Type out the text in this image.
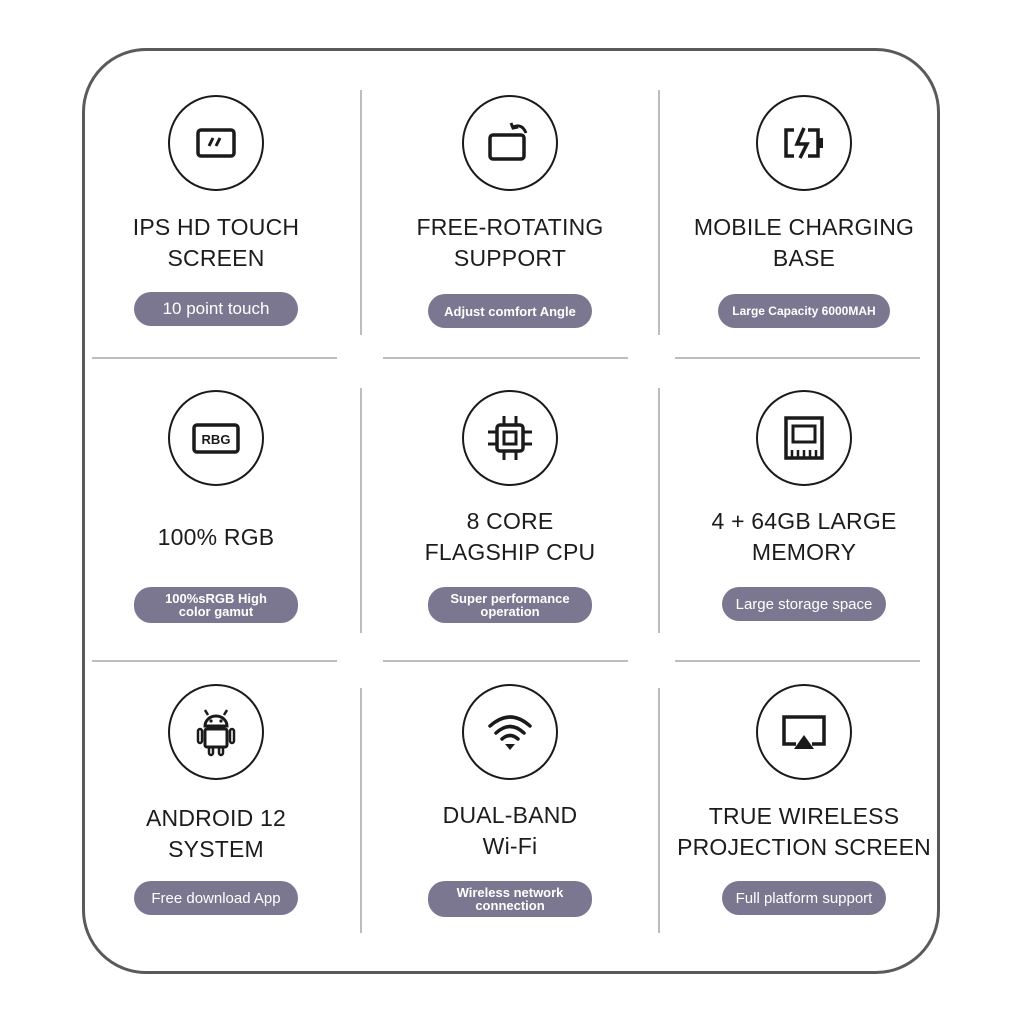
IPS HD TOUCH
SCREEN
10 point touch
FREE-ROTATING
SUPPORT
Adjust comfort Angle
MOBILE CHARGING
BASE
Large Capacity 6000MAH
RBG
100% RGB
100%sRGB High
color gamut
8 CORE
FLAGSHIP CPU
Super performance
operation
4 + 64GB LARGE
MEMORY
Large storage space
ANDROID 12
SYSTEM
Free download App
DUAL-BAND
Wi-Fi
Wireless network
connection
TRUE WIRELESS
PROJECTION SCREEN
Full platform support
